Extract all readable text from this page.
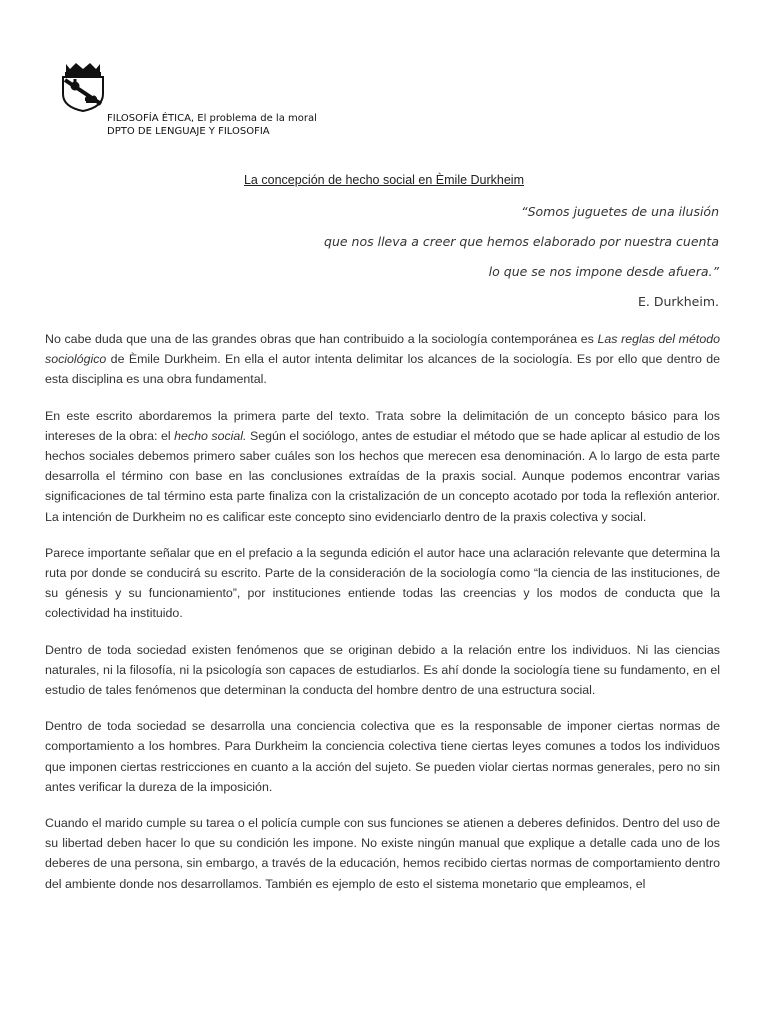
FILOSOFÍA ÉTICA, El problema de la moral
DPTO DE LENGUAJE Y FILOSOFIA
La concepción de hecho social en Èmile Durkheim
“Somos juguetes de una ilusión
que nos lleva a creer que hemos elaborado por nuestra cuenta
lo que se nos impone desde afuera.”
E. Durkheim.

No cabe duda que una de las grandes obras que han contribuido a la sociología contemporánea es Las reglas del método sociológico de Èmile Durkheim. En ella el autor intenta delimitar los alcances de la sociología. Es por ello que dentro de esta disciplina es una obra fundamental.

En este escrito abordaremos la primera parte del texto. Trata sobre la delimitación de un concepto básico para los intereses de la obra: el hecho social. Según el sociólogo, antes de estudiar el método que se hade aplicar al estudio de los hechos sociales debemos primero saber cuáles son los hechos que merecen esa denominación. A lo largo de esta parte desarrolla el término con base en las conclusiones extraídas de la praxis social. Aunque podemos encontrar varias significaciones de tal término esta parte finaliza con la cristalización de un concepto acotado por toda la reflexión anterior. La intención de Durkheim no es calificar este concepto sino evidenciarlo dentro de la praxis colectiva y social.

Parece importante señalar que en el prefacio a la segunda edición el autor hace una aclaración relevante que determina la ruta por donde se conducirá su escrito. Parte de la consideración de la sociología como “la ciencia de las instituciones, de su génesis y su funcionamiento”, por instituciones entiende todas las creencias y los modos de conducta que la colectividad ha instituido.

Dentro de toda sociedad existen fenómenos que se originan debido a la relación entre los individuos. Ni las ciencias naturales, ni la filosofía, ni la psicología son capaces de estudiarlos. Es ahí donde la sociología tiene su fundamento, en el estudio de tales fenómenos que determinan la conducta del hombre dentro de una estructura social.

Dentro de toda sociedad se desarrolla una conciencia colectiva que es la responsable de imponer ciertas normas de comportamiento a los hombres. Para Durkheim la conciencia colectiva tiene ciertas leyes comunes a todos los individuos que imponen ciertas restricciones en cuanto a la acción del sujeto. Se pueden violar ciertas normas generales, pero no sin antes verificar la dureza de la imposición.

Cuando el marido cumple su tarea o el policía cumple con sus funciones se atienen a deberes definidos. Dentro del uso de su libertad deben hacer lo que su condición les impone. No existe ningún manual que explique a detalle cada uno de los deberes de una persona, sin embargo, a través de la educación, hemos recibido ciertas normas de comportamiento dentro del ambiente donde nos desarrollamos. También es ejemplo de esto el sistema monetario que empleamos, el
